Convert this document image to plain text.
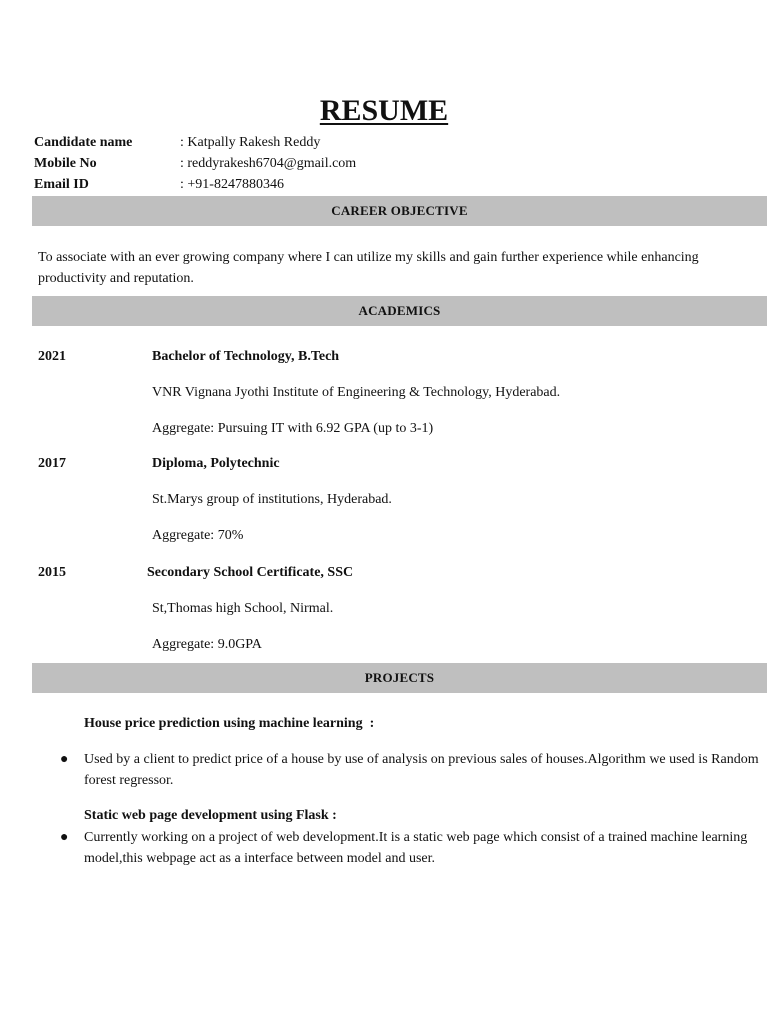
RESUME
Candidate name	: Katpally Rakesh Reddy
Mobile No	: reddyrakesh6704@gmail.com
Email ID	: +91-8247880346
CAREER OBJECTIVE

To associate with an ever growing company where I can utilize my skills and gain further experience while enhancing productivity and reputation.

ACADEMICS
2021	Bachelor of Technology, B.Tech
VNR Vignana Jyothi Institute of Engineering & Technology, Hyderabad.
Aggregate: Pursuing IT with 6.92 GPA (up to 3-1)
2017	Diploma, Polytechnic
St.Marys group of institutions, Hyderabad.
Aggregate: 70%
2015	Secondary School Certificate, SSC
St,Thomas high School, Nirmal.
Aggregate: 9.0GPA
PROJECTS
House price prediction using machine learning  :
● Used by a client to predict price of a house by use of analysis on previous sales of houses.Algorithm we used is Random forest regressor.

Static web page development using Flask :
● Currently working on a project of web development.It is a static web page which consist of a trained machine learning model,this webpage act as a interface between model and user.
